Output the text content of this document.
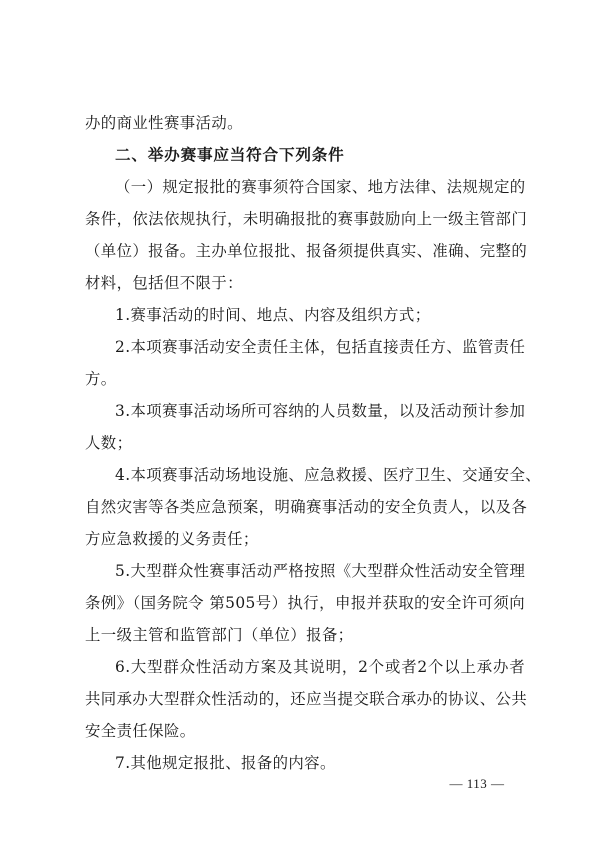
办的商业性赛事活动。
二、举办赛事应当符合下列条件
（一）规定报批的赛事须符合国家、地方法律、法规规定的
条件，依法依规执行，未明确报批的赛事鼓励向上一级主管部门
（单位）报备。主办单位报批、报备须提供真实、准确、完整的
材料，包括但不限于：
1.赛事活动的时间、地点、内容及组织方式；
2.本项赛事活动安全责任主体，包括直接责任方、监管责任
方。
3.本项赛事活动场所可容纳的人员数量，以及活动预计参加
人数；
4.本项赛事活动场地设施、应急救援、医疗卫生、交通安全、
自然灾害等各类应急预案，明确赛事活动的安全负责人，以及各
方应急救援的义务责任；
5.大型群众性赛事活动严格按照《大型群众性活动安全管理
条例》（国务院令 第505号）执行，申报并获取的安全许可须向
上一级主管和监管部门（单位）报备；
6.大型群众性活动方案及其说明，2个或者2个以上承办者
共同承办大型群众性活动的，还应当提交联合承办的协议、公共
安全责任保险。
7.其他规定报批、报备的内容。
— 113 —
